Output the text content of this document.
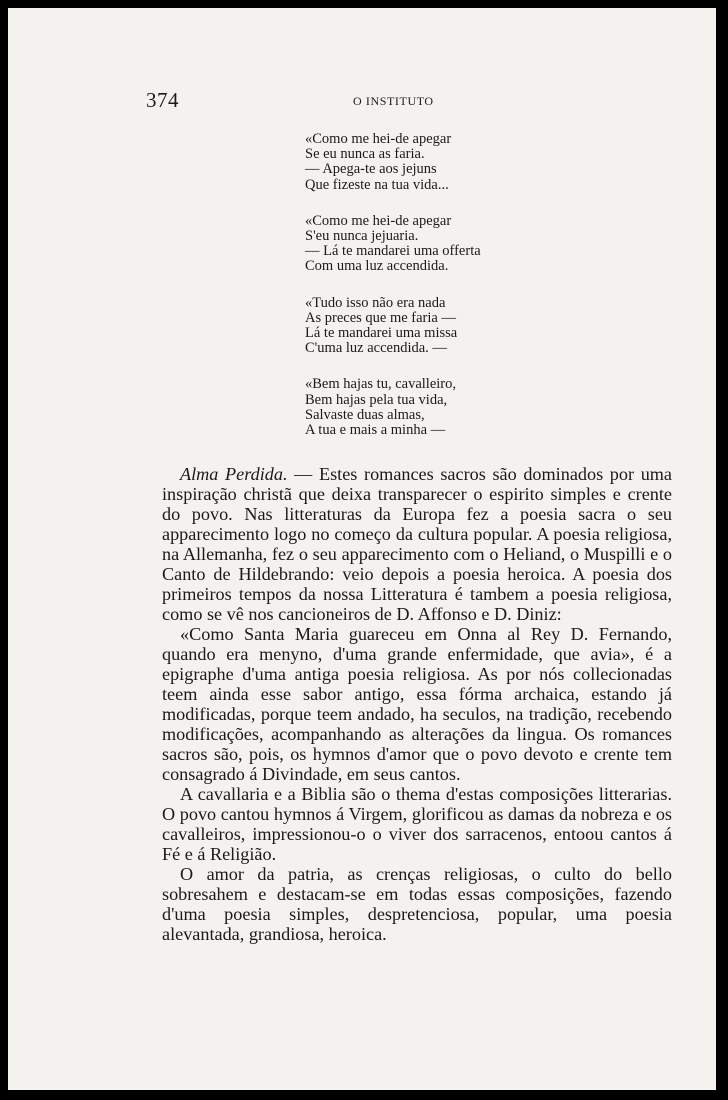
374	O INSTITUTO
«Como me hei-de apegar
Se eu nunca as faria.
— Apega-te aos jejuns
Que fizeste na tua vida...
«Como me hei-de apegar
S'eu nunca jejuaria.
— Lá te mandarei uma offerta
Com uma luz accendida.
«Tudo isso não era nada
As preces que me faria —
Lá te mandarei uma missa
C'uma luz accendida. —
«Bem hajas tu, cavalleiro,
Bem hajas pela tua vida,
Salvaste duas almas,
A tua e mais a minha —

Alma Perdida. — Estes romances sacros são dominados por uma inspiração christã que deixa transparecer o espirito simples e crente do povo. Nas litteraturas da Europa fez a poesia sacra o seu apparecimento logo no começo da cultura popular. A poesia religiosa, na Allemanha, fez o seu apparecimento com o Heliand, o Muspilli e o Canto de Hildebrando: veio depois a poesia heroica. A poesia dos primeiros tempos da nossa Litteratura é tambem a poesia religiosa, como se vê nos cancioneiros de D. Affonso e D. Diniz:

«Como Santa Maria guareceu em Onna al Rey D. Fernando, quando era menyno, d'uma grande enfermidade, que avia», é a epigraphe d'uma antiga poesia religiosa. As por nós collecionadas teem ainda esse sabor antigo, essa fórma archaica, estando já modificadas, porque teem andado, ha seculos, na tradição, recebendo modificações, acompanhando as alterações da lingua. Os romances sacros são, pois, os hymnos d'amor que o povo devoto e crente tem consagrado á Divindade, em seus cantos.

A cavallaria e a Biblia são o thema d'estas composições litterarias. O povo cantou hymnos á Virgem, glorificou as damas da nobreza e os cavalleiros, impressionou-o o viver dos sarracenos, entoou cantos á Fé e á Religião.

O amor da patria, as crenças religiosas, o culto do bello sobresahem e destacam-se em todas essas composições, fazendo d'uma poesia simples, despretenciosa, popular, uma poesia alevantada, grandiosa, heroica.
